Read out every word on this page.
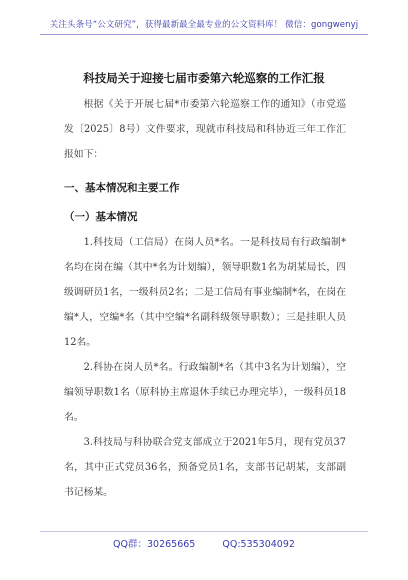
关注头条号“公文研究”，获得最新最全最专业的公文资料库！ 微信：gongwenyj
科技局关于迎接七届市委第六轮巡察的工作汇报

根据《关于开展七届*市委第六轮巡察工作的通知》（市党巡发〔2025〕8号）文件要求，现就市科技局和科协近三年工作汇报如下：

一、基本情况和主要工作

（一）基本情况

1.科技局（工信局）在岗人员*名。一是科技局有行政编制*名均在岗在编（其中*名为计划编），领导职数1名为胡某局长，四级调研员1名，一级科员2名；二是工信局有事业编制*名，在岗在编*人，空编*名（其中空编*名副科级领导职数）；三是挂职人员12名。

2.科协在岗人员*名。行政编制*名（其中3名为计划编），空编领导职数1名（原科协主席退休手续已办理完毕），一级科员18名。

3.科技局与科协联合党支部成立于2021年5月，现有党员37名，其中正式党员36名，预备党员1名，支部书记胡某，支部副书记杨某。

QQ群：30265665	QQ:535304092
